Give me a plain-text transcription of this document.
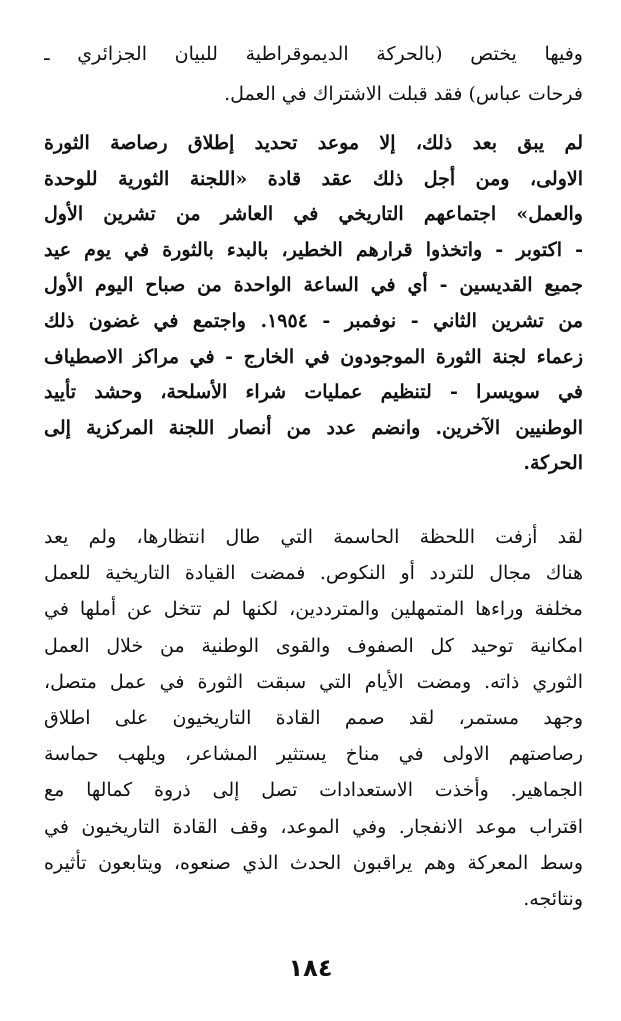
وفيها يختص (بالحركة الديموقراطية للبيان الجزائري ـ
فرحات عباس) فقد قبلت الاشتراك في العمل.
لم يبق بعد ذلك، إلا موعد تحديد إطلاق رصاصة الثورة
الاولى، ومن أجل ذلك عقد قادة «اللجنة الثورية للوحدة
والعمل» اجتماعهم التاريخي في العاشر من تشرين الأول
- اكتوبر - واتخذوا قرارهم الخطير، بالبدء بالثورة في يوم عيد
جميع القديسين - أي في الساعة الواحدة من صباح اليوم الأول
من تشرين الثاني - نوفمبر - ١٩٥٤. واجتمع في غضون ذلك
زعماء لجنة الثورة الموجودون في الخارج - في مراكز الاصطياف
في سويسرا - لتنظيم عمليات شراء الأسلحة، وحشد تأييد
الوطنيين الآخرين. وانضم عدد من أنصار اللجنة المركزية إلى
الحركة.
لقد أزفت اللحظة الحاسمة التي طال انتظارها، ولم يعد
هناك مجال للتردد أو النكوص. فمضت القيادة التاريخية للعمل
مخلفة وراءها المتمهلين والمترددين، لكنها لم تتخل عن أملها في
امكانية توحيد كل الصفوف والقوى الوطنية من خلال العمل
الثوري ذاته. ومضت الأيام التي سبقت الثورة في عمل متصل،
وجهد مستمر، لقد صمم القادة التاريخيون على اطلاق
رصاصتهم الاولى في مناخ يستثير المشاعر، ويلهب حماسة
الجماهير. وأخذت الاستعدادات تصل إلى ذروة كمالها مع
اقتراب موعد الانفجار. وفي الموعد، وقف القادة التاريخيون في
وسط المعركة وهم يراقبون الحدث الذي صنعوه، ويتابعون تأثيره
ونتائجه.
١٨٤
